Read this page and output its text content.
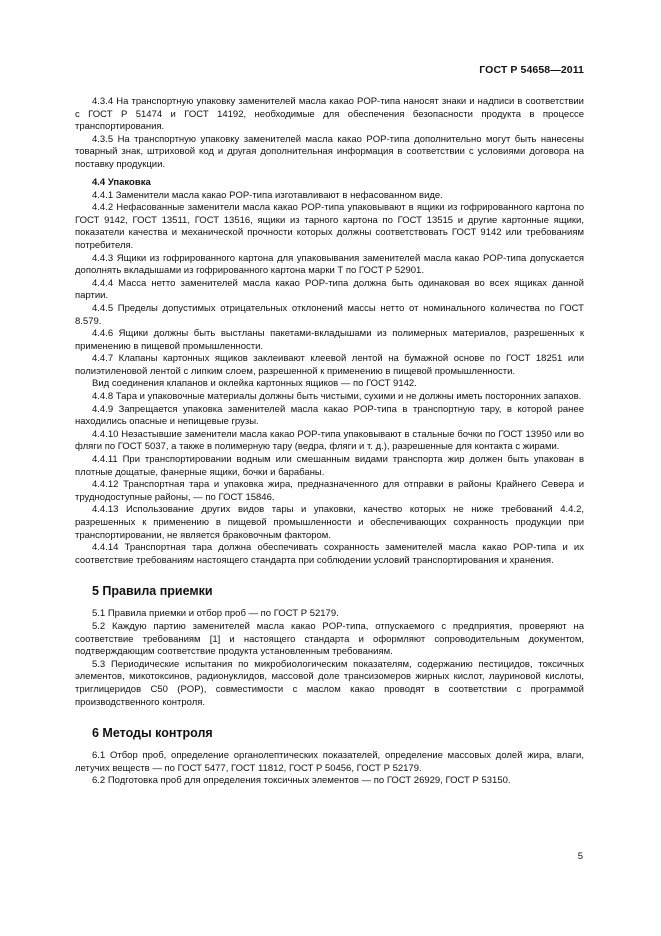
ГОСТ Р 54658—2011

4.3.4 На транспортную упаковку заменителей масла какао POP-типа наносят знаки и надписи в соответствии с ГОСТ Р 51474 и ГОСТ 14192, необходимые для обеспечения безопасности продукта в процессе транспортирования.

4.3.5 На транспортную упаковку заменителей масла какао POP-типа дополнительно могут быть нанесены товарный знак, штриховой код и другая дополнительная информация в соответствии с условиями договора на поставку продукции.

4.4 Упаковка

4.4.1 Заменители масла какао POP-типа изготавливают в нефасованном виде.

4.4.2 Нефасованные заменители масла какао POP-типа упаковывают в ящики из гофрированного картона по ГОСТ 9142, ГОСТ 13511, ГОСТ 13516, ящики из тарного картона по ГОСТ 13515 и другие картонные ящики, показатели качества и механической прочности которых должны соответствовать ГОСТ 9142 или требованиям потребителя.

4.4.3 Ящики из гофрированного картона для упаковывания заменителей масла какао POP-типа допускается дополнять вкладышами из гофрированного картона марки Т по ГОСТ Р 52901.

4.4.4 Масса нетто заменителей масла какао POP-типа должна быть одинаковая во всех ящиках данной партии.

4.4.5 Пределы допустимых отрицательных отклонений массы нетто от номинального количества по ГОСТ 8.579.

4.4.6 Ящики должны быть выстланы пакетами-вкладышами из полимерных материалов, разрешенных к применению в пищевой промышленности.

4.4.7 Клапаны картонных ящиков заклеивают клеевой лентой на бумажной основе по ГОСТ 18251 или полиэтиленовой лентой с липким слоем, разрешенной к применению в пищевой промышленности.

Вид соединения клапанов и оклейка картонных ящиков — по ГОСТ 9142.

4.4.8 Тара и упаковочные материалы должны быть чистыми, сухими и не должны иметь посторонних запахов.

4.4.9 Запрещается упаковка заменителей масла какао POP-типа в транспортную тару, в которой ранее находились опасные и непищевые грузы.

4.4.10 Незастывшие заменители масла какао POP-типа упаковывают в стальные бочки по ГОСТ 13950 или во фляги по ГОСТ 5037, а также в полимерную тару (ведра, фляги и т. д.), разрешенные для контакта с жирами.

4.4.11 При транспортировании водным или смешанным видами транспорта жир должен быть упакован в плотные дощатые, фанерные ящики, бочки и барабаны.

4.4.12 Транспортная тара и упаковка жира, предназначенного для отправки в районы Крайнего Севера и труднодоступные районы, — по ГОСТ 15846.

4.4.13 Использование других видов тары и упаковки, качество которых не ниже требований 4.4.2, разрешенных к применению в пищевой промышленности и обеспечивающих сохранность продукции при транспортировании, не является браковочным фактором.

4.4.14 Транспортная тара должна обеспечивать сохранность заменителей масла какао POP-типа и их соответствие требованиям настоящего стандарта при соблюдении условий транспортирования и хранения.

5 Правила приемки

5.1 Правила приемки и отбор проб — по ГОСТ Р 52179.

5.2 Каждую партию заменителей масла какао POP-типа, отпускаемого с предприятия, проверяют на соответствие требованиям [1] и настоящего стандарта и оформляют сопроводительным документом, подтверждающим соответствие продукта установленным требованиям.

5.3 Периодические испытания по микробиологическим показателям, содержанию пестицидов, токсичных элементов, микотоксинов, радионуклидов, массовой доле трансизомеров жирных кислот, лауриновой кислоты, триглицеридов С50 (POP), совместимости с маслом какао проводят в соответствии с программой производственного контроля.

6 Методы контроля

6.1 Отбор проб, определение органолептических показателей, определение массовых долей жира, влаги, летучих веществ — по ГОСТ 5477, ГОСТ 11812, ГОСТ Р 50456, ГОСТ Р 52179.

6.2 Подготовка проб для определения токсичных элементов — по ГОСТ 26929, ГОСТ Р 53150.

5
